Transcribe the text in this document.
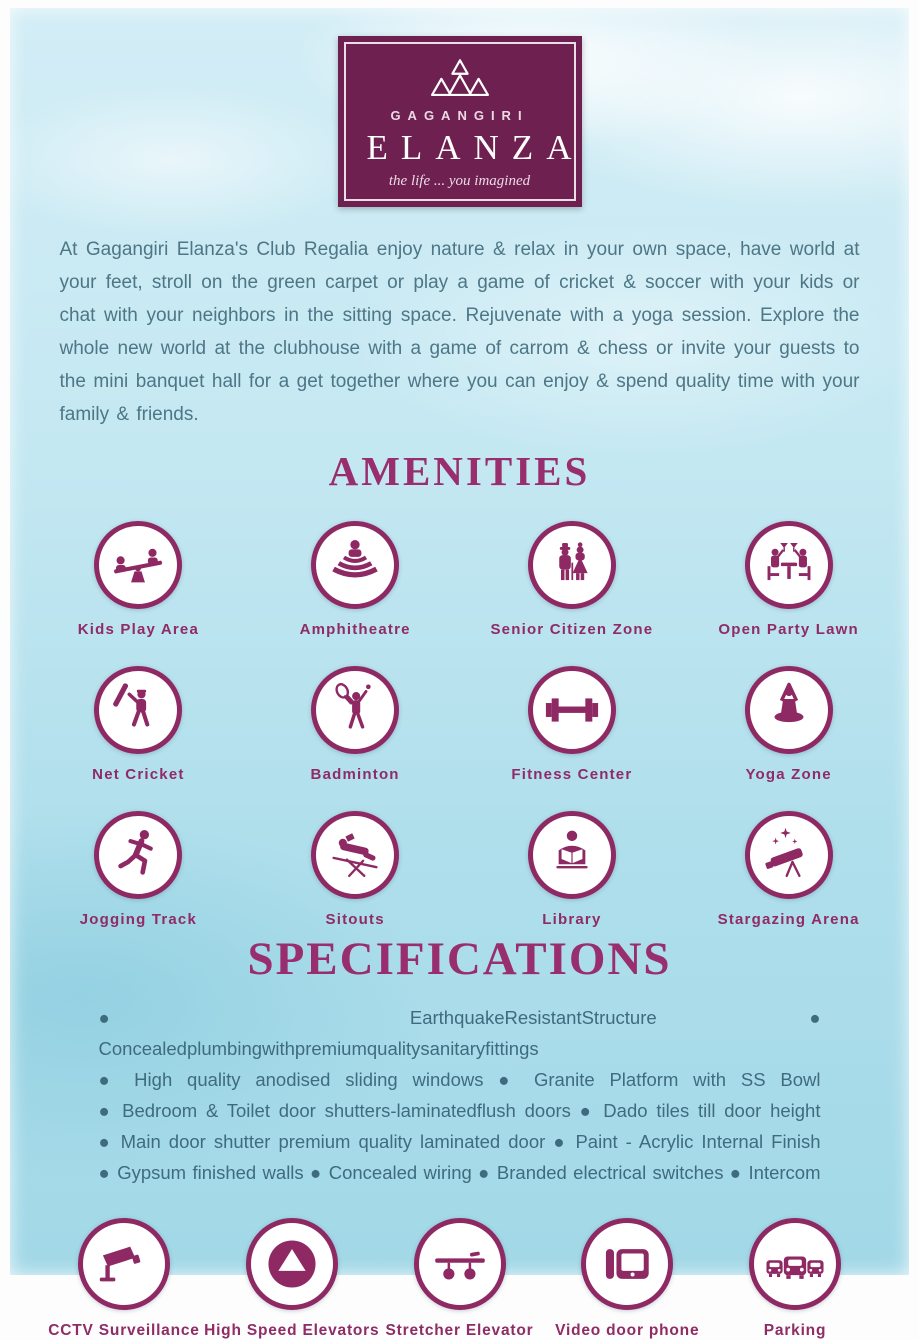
GAGANGIRI
ELANZA
the life ... you imagined

At Gagangiri Elanza's Club Regalia enjoy nature & relax in your own space, have world at your feet, stroll on the green carpet or play a game of cricket & soccer with your kids or chat with your neighbors in the sitting space. Rejuvenate with a yoga session. Explore the whole new world at the clubhouse with a game of carrom & chess or invite your guests to the mini banquet hall for a get together where you can enjoy & spend quality time with your family & friends.

AMENITIES
Kids Play Area	Amphitheatre	Senior Citizen Zone	Open Party Lawn
Net Cricket	Badminton	Fitness Center	Yoga Zone
Jogging Track	Sitouts	Library	Stargazing Arena
SPECIFICATIONS
● EarthquakeResistantStructure ● Concealedplumbingwithpremiumqualitysanitaryfittings
● High quality anodised sliding windows ● Granite Platform with SS Bowl
● Bedroom & Toilet door shutters-laminatedflush doors ● Dado tiles till door height
● Main door shutter premium quality laminated door ● Paint - Acrylic Internal Finish
● Gypsum finished walls ● Concealed wiring ● Branded electrical switches ● Intercom
CCTV Surveillance High Speed Elevators Stretcher Elevator Video door phone	Parking
